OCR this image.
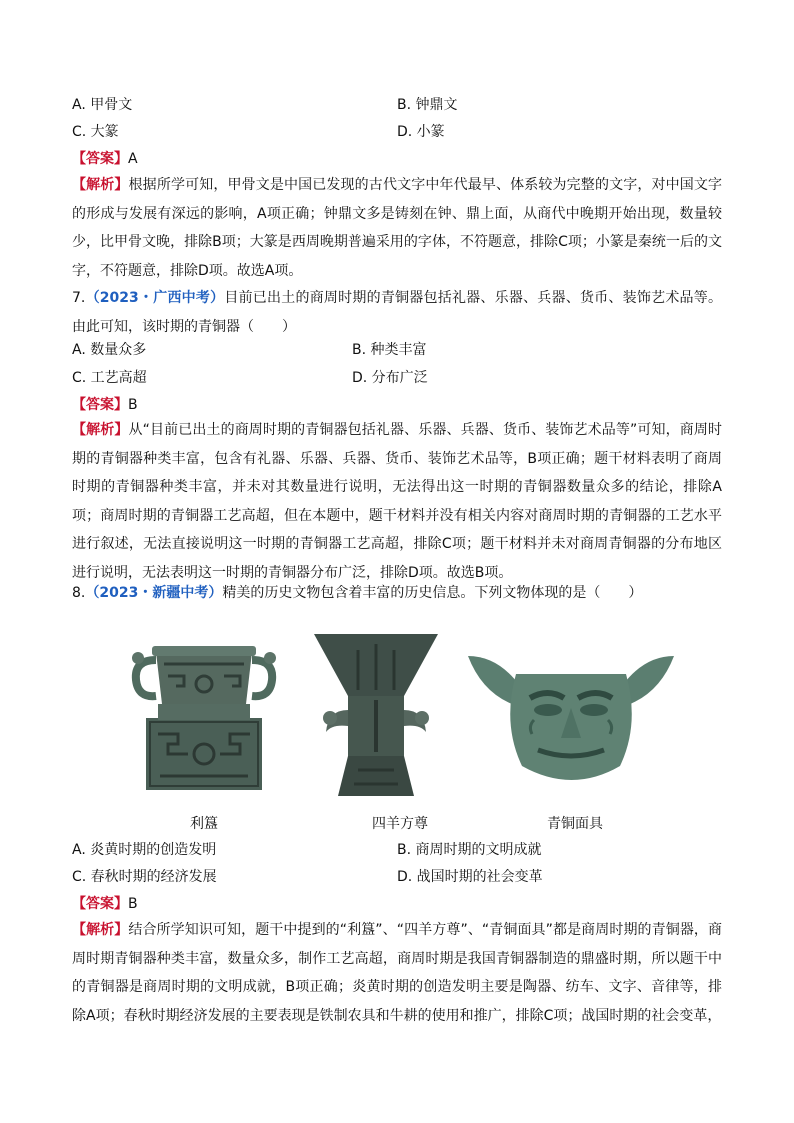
A. 甲骨文	B. 钟鼎文
C. 大篆	D. 小篆
【答案】A
【解析】根据所学可知，甲骨文是中国已发现的古代文字中年代最早、体系较为完整的文字，对中国文字的形成与发展有深远的影响，A项正确；钟鼎文多是铸刻在钟、鼎上面，从商代中晚期开始出现，数量较少，比甲骨文晚，排除B项；大篆是西周晚期普遍采用的字体，不符题意，排除C项；小篆是秦统一后的文字，不符题意，排除D项。故选A项。
7.（2023・广西中考）目前已出土的商周时期的青铜器包括礼器、乐器、兵器、货币、装饰艺术品等。由此可知，该时期的青铜器（　　）
A. 数量众多	B. 种类丰富
C. 工艺高超	D. 分布广泛
【答案】B
【解析】从“目前已出土的商周时期的青铜器包括礼器、乐器、兵器、货币、装饰艺术品等”可知，商周时期的青铜器种类丰富，包含有礼器、乐器、兵器、货币、装饰艺术品等，B项正确；题干材料表明了商周时期的青铜器种类丰富，并未对其数量进行说明，无法得出这一时期的青铜器数量众多的结论，排除A项；商周时期的青铜器工艺高超，但在本题中，题干材料并没有相关内容对商周时期的青铜器的工艺水平进行叙述，无法直接说明这一时期的青铜器工艺高超，排除C项；题干材料并未对商周青铜器的分布地区进行说明，无法表明这一时期的青铜器分布广泛，排除D项。故选B项。
8.（2023・新疆中考）精美的历史文物包含着丰富的历史信息。下列文物体现的是（　　）
利簋	四羊方尊	青铜面具
A. 炎黄时期的创造发明	B. 商周时期的文明成就
C. 春秋时期的经济发展	D. 战国时期的社会变革
【答案】B
【解析】结合所学知识可知，题干中提到的“利簋”、“四羊方尊”、“青铜面具”都是商周时期的青铜器，商周时期青铜器种类丰富，数量众多，制作工艺高超，商周时期是我国青铜器制造的鼎盛时期，所以题干中的青铜器是商周时期的文明成就，B项正确；炎黄时期的创造发明主要是陶器、纺车、文字、音律等，排除A项；春秋时期经济发展的主要表现是铁制农具和牛耕的使用和推广，排除C项；战国时期的社会变革，
